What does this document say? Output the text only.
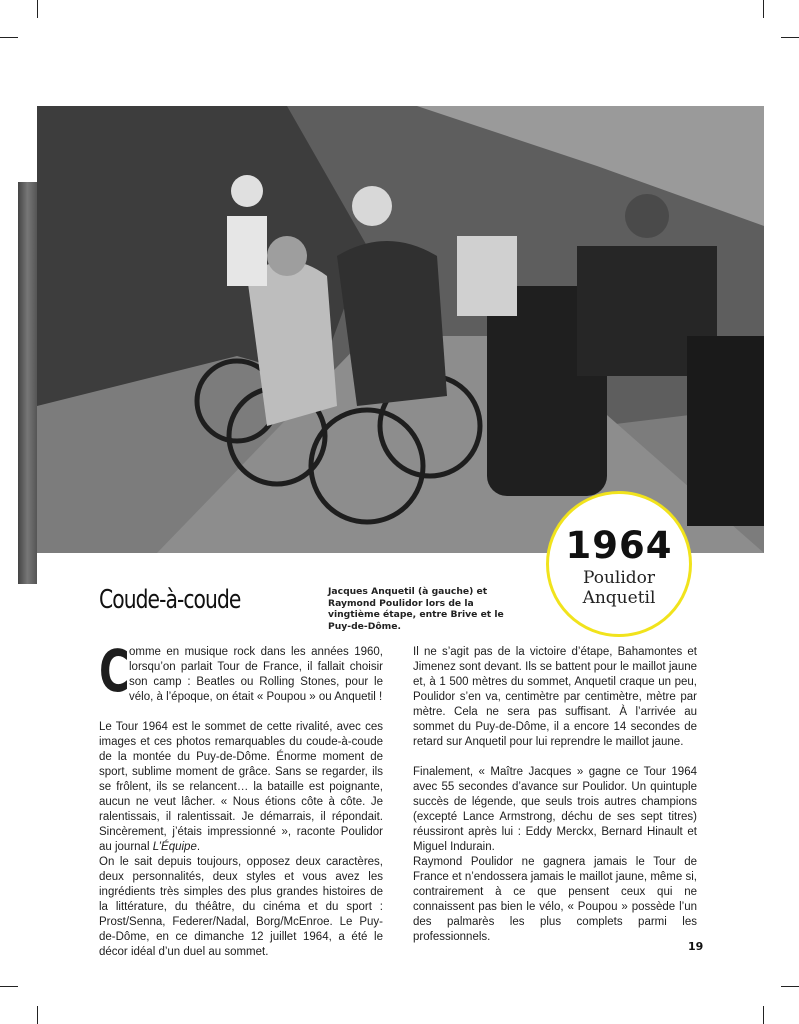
1964
Poulidor
Anquetil
Coude-à-coude	Jacques Anquetil (à gauche) et Raymond Poulidor lors de la vingtième étape, entre Brive et le Puy-de-Dôme.

Comme en musique rock dans les années 1960, lorsqu’on parlait Tour de France, il fallait choisir son camp : Beatles ou Rolling Stones, pour le vélo, à l’époque, on était « Poupou » ou Anquetil !

Le Tour 1964 est le sommet de cette rivalité, avec ces images et ces photos remarquables du coude-à-coude de la montée du Puy-de-Dôme. Énorme moment de sport, sublime moment de grâce. Sans se regarder, ils se frôlent, ils se relancent… la bataille est poignante, aucun ne veut lâcher. « Nous étions côte à côte. Je ralentissais, il ralentissait. Je démarrais, il répondait. Sincèrement, j’étais impressionné », raconte Poulidor au journal L’Équipe.

On le sait depuis toujours, opposez deux caractères, deux personnalités, deux styles et vous avez les ingrédients très simples des plus grandes histoires de la littérature, du théâtre, du cinéma et du sport : Prost/Senna, Federer/Nadal, Borg/McEnroe. Le Puy-de-Dôme, en ce dimanche 12 juillet 1964, a été le décor idéal d’un duel au sommet.

Il ne s’agit pas de la victoire d’étape, Bahamontes et Jimenez sont devant. Ils se battent pour le maillot jaune et, à 1 500 mètres du sommet, Anquetil craque un peu, Poulidor s’en va, centimètre par centimètre, mètre par mètre. Cela ne sera pas suffisant. À l’arrivée au sommet du Puy-de-Dôme, il a encore 14 secondes de retard sur Anquetil pour lui reprendre le maillot jaune.

Finalement, « Maître Jacques » gagne ce Tour 1964 avec 55 secondes d’avance sur Poulidor. Un quintuple succès de légende, que seuls trois autres champions (excepté Lance Armstrong, déchu de ses sept titres) réussiront après lui : Eddy Merckx, Bernard Hinault et Miguel Indurain.

Raymond Poulidor ne gagnera jamais le Tour de France et n’endossera jamais le maillot jaune, même si, contrairement à ce que pensent ceux qui ne connaissent pas bien le vélo, « Poupou » possède l’un des palmarès les plus complets parmi les professionnels.

19
